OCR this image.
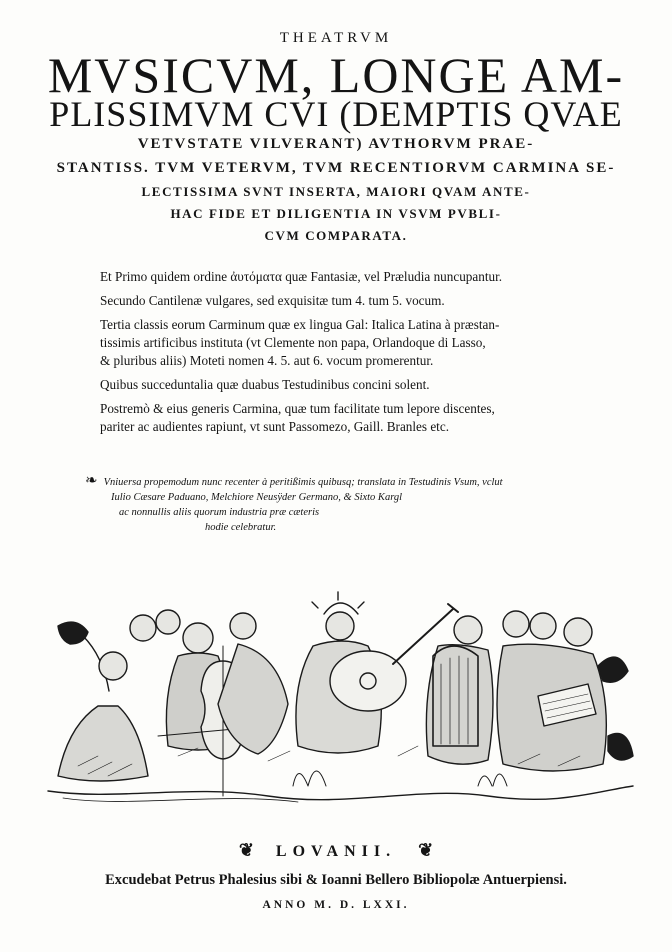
THEATRVM
MVSICVM, LONGE AM-
PLISSIMVM CVI (DEMPTIS QVAE
VETVSTATE VILVERANT) AVTHORVM PRAE-
STANTISS. TVM VETERVM, TVM RECENTIORVM CARMINA SE-
LECTISSIMA SVNT INSERTA, MAIORI QVAM ANTE-
HAC FIDE ET DILIGENTIA IN VSVM PVBLI-
CVM COMPARATA.

Et Primo quidem ordine ἀυτόματα quæ Fantasiæ, vel Præludia nuncupantur.

Secundo Cantilenæ vulgares, sed exquisitæ tum 4. tum 5. vocum.

Tertia classis eorum Carminum quæ ex lingua Gal: Italica Latina à præstan-
tissimis artificibus instituta (vt Clemente non papa, Orlandoque di Lasso,
& pluribus aliis) Moteti nomen 4. 5. aut 6. vocum promerentur.

Quibus succeduntalia quæ duabus Testudinibus concini solent.

Postremò & eius generis Carmina, quæ tum facilitate tum lepore discentes,
pariter ac audientes rapiunt, vt sunt Passomezo, Gaill. Branles etc.
❧ Vniuersa propemodum nunc recenter à peritißimis quibusq; translata in Testudinis Vsum, vclut
Iulio Cæsare Paduano, Melchiore Neusÿder Germano, & Sixto Kargl
ac nonnullis aliis quorum industria præ cæteris
hodie celebratur.
❦ LOVANII. ❦
Excudebat Petrus Phalesius sibi & Ioanni Bellero Bibliopolæ Antuerpiensi.
ANNO M. D. LXXI.
